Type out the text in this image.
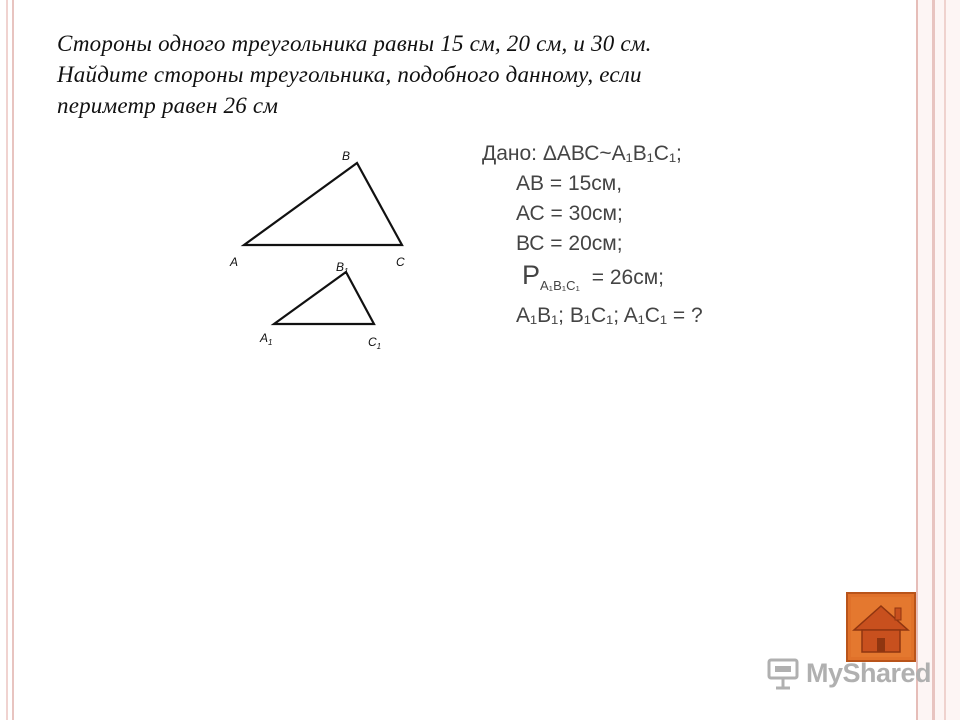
Стороны одного треугольника равны 15 см, 20 см, и 30 см.
Найдите стороны треугольника, подобного данному, если
периметр равен 26 см
B
A	C
$B_1$
$A_1$	$C_1$
Дано: ΔАВС~A₁B₁C₁;
АВ = 15см,
АС = 30см;
ВС = 20см;
$P_{A_1B_1C_1} = 26см$;
A₁B₁; B₁C₁; A₁C₁ = ?
MyShared
